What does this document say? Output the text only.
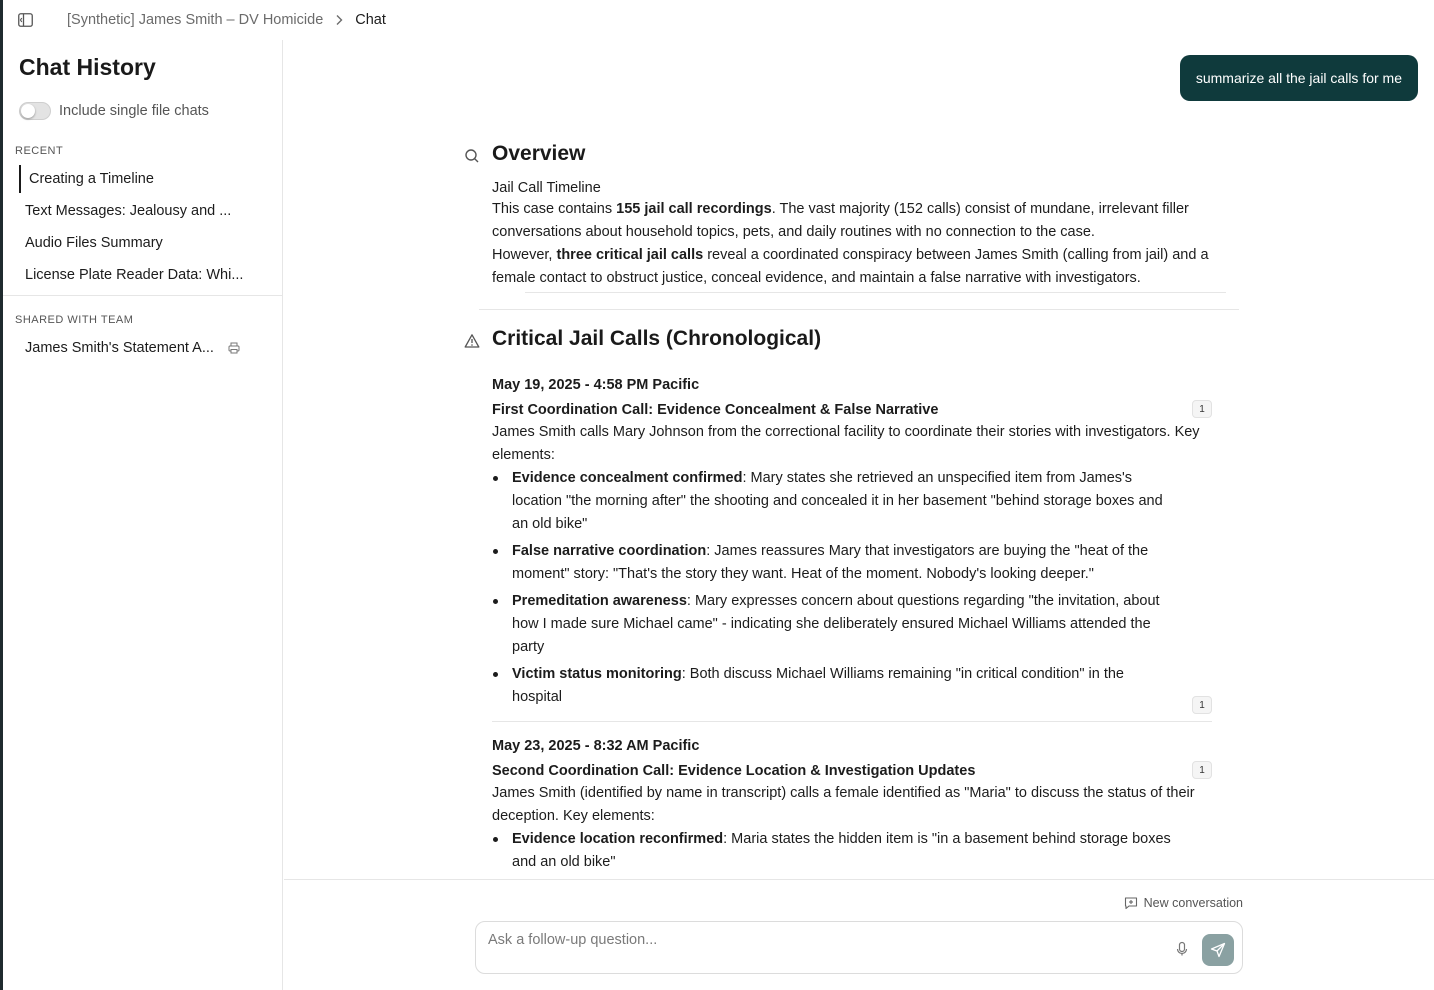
[Synthetic] James Smith – DV Homicide Chat
Chat History
Include single file chats
RECENT
Creating a Timeline
Text Messages: Jealousy and ...
Audio Files Summary
License Plate Reader Data: Whi...
SHARED WITH TEAM
James Smith's Statement A...
summarize all the jail calls for me
Overview
Jail Call Timeline
This case contains 155 jail call recordings. The vast majority (152 calls) consist of mundane, irrelevant filler conversations about household topics, pets, and daily routines with no connection to the case.
However, three critical jail calls reveal a coordinated conspiracy between James Smith (calling from jail) and a female contact to obstruct justice, conceal evidence, and maintain a false narrative with investigators.
Critical Jail Calls (Chronological)
May 19, 2025 - 4:58 PM Pacific
First Coordination Call: Evidence Concealment & False Narrative	1
James Smith calls Mary Johnson from the correctional facility to coordinate their stories with investigators. Key elements:
Evidence concealment confirmed: Mary states she retrieved an unspecified item from James's location "the morning after" the shooting and concealed it in her basement "behind storage boxes and an old bike"
False narrative coordination: James reassures Mary that investigators are buying the "heat of the moment" story: "That's the story they want. Heat of the moment. Nobody's looking deeper."
Premeditation awareness: Mary expresses concern about questions regarding "the invitation, about how I made sure Michael came" - indicating she deliberately ensured Michael Williams attended the party
Victim status monitoring: Both discuss Michael Williams remaining "in critical condition" in the hospital	1
May 23, 2025 - 8:32 AM Pacific
Second Coordination Call: Evidence Location & Investigation Updates	1
James Smith (identified by name in transcript) calls a female identified as "Maria" to discuss the status of their deception. Key elements:
Evidence location reconfirmed: Maria states the hidden item is "in a basement behind storage boxes and an old bike"
New conversation
Ask a follow-up question...
